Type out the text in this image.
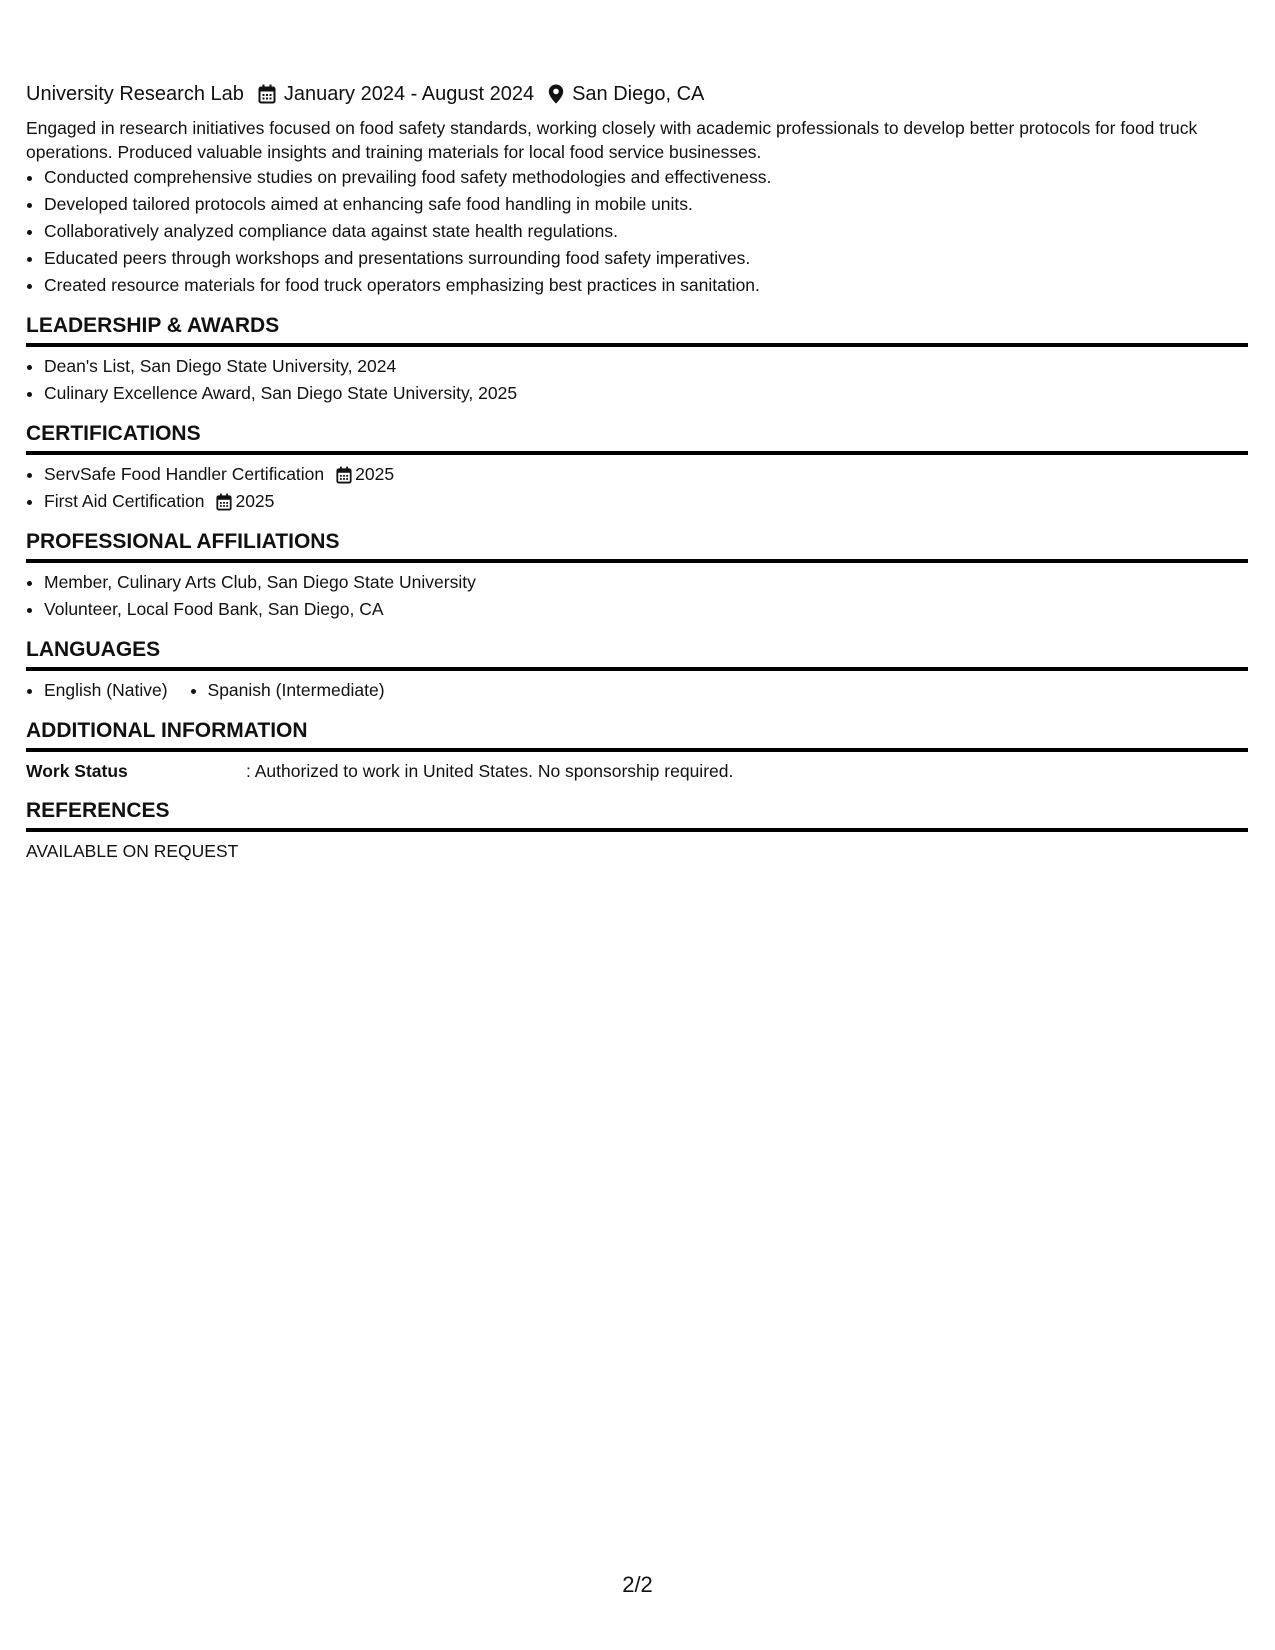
University Research Lab January 2024 - August 2024 San Diego, CA

Engaged in research initiatives focused on food safety standards, working closely with academic professionals to develop better protocols for food truck operations. Produced valuable insights and training materials for local food service businesses.

• Conducted comprehensive studies on prevailing food safety methodologies and effectiveness.
• Developed tailored protocols aimed at enhancing safe food handling in mobile units.
• Collaboratively analyzed compliance data against state health regulations.
• Educated peers through workshops and presentations surrounding food safety imperatives.
• Created resource materials for food truck operators emphasizing best practices in sanitation.
LEADERSHIP & AWARDS
• Dean's List, San Diego State University, 2024
• Culinary Excellence Award, San Diego State University, 2025
CERTIFICATIONS
• ServSafe Food Handler Certification 2025
• First Aid Certification 2025
PROFESSIONAL AFFILIATIONS
• Member, Culinary Arts Club, San Diego State University
• Volunteer, Local Food Bank, San Diego, CA
LANGUAGES
• English (Native)
• Spanish (Intermediate)
ADDITIONAL INFORMATION
Work Status	: Authorized to work in United States. No sponsorship required.
REFERENCES
AVAILABLE ON REQUEST
2/2
